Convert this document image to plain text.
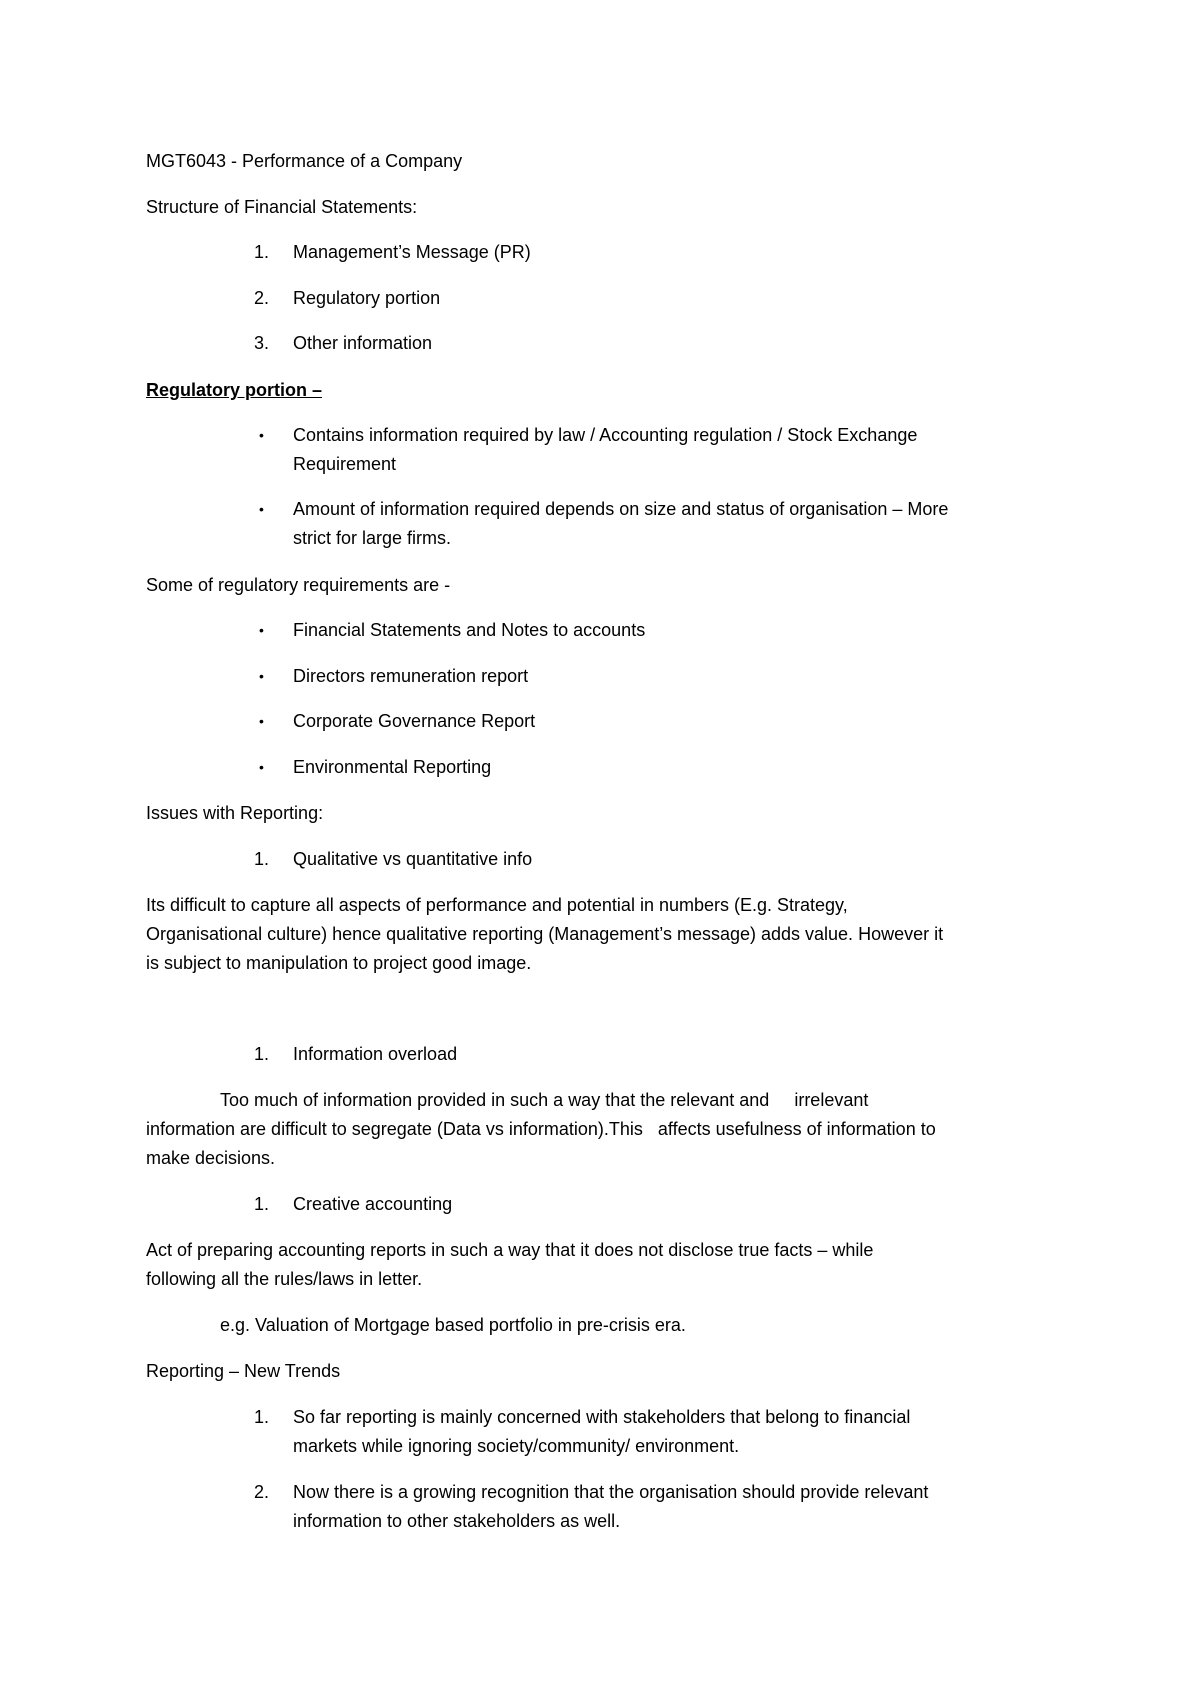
MGT6043 - Performance of a Company
Structure of Financial Statements:
1.	Management’s Message (PR)
2.	Regulatory portion
3.	Other information
Regulatory portion –
•	Contains information required by law / Accounting regulation / Stock Exchange
Requirement
•	Amount of information required depends on size and status of organisation – More
strict for large firms.
Some of regulatory requirements are -
•	Financial Statements and Notes to accounts
•	Directors remuneration report
•	Corporate Governance Report
•	Environmental Reporting
Issues with Reporting:
1.	Qualitative vs quantitative info
Its difficult to capture all aspects of performance and potential in numbers (E.g. Strategy,
Organisational culture) hence qualitative reporting (Management’s message) adds value. However it
is subject to manipulation to project good image.
1.	Information overload
Too much of information provided in such a way that the relevant and     irrelevant
information are difficult to segregate (Data vs information).This   affects usefulness of information to
make decisions.
1.	Creative accounting
Act of preparing accounting reports in such a way that it does not disclose true facts – while
following all the rules/laws in letter.
e.g. Valuation of Mortgage based portfolio in pre-crisis era.
Reporting – New Trends
1.	So far reporting is mainly concerned with stakeholders that belong to financial
markets while ignoring society/community/ environment.
2.	Now there is a growing recognition that the organisation should provide relevant
information to other stakeholders as well.
